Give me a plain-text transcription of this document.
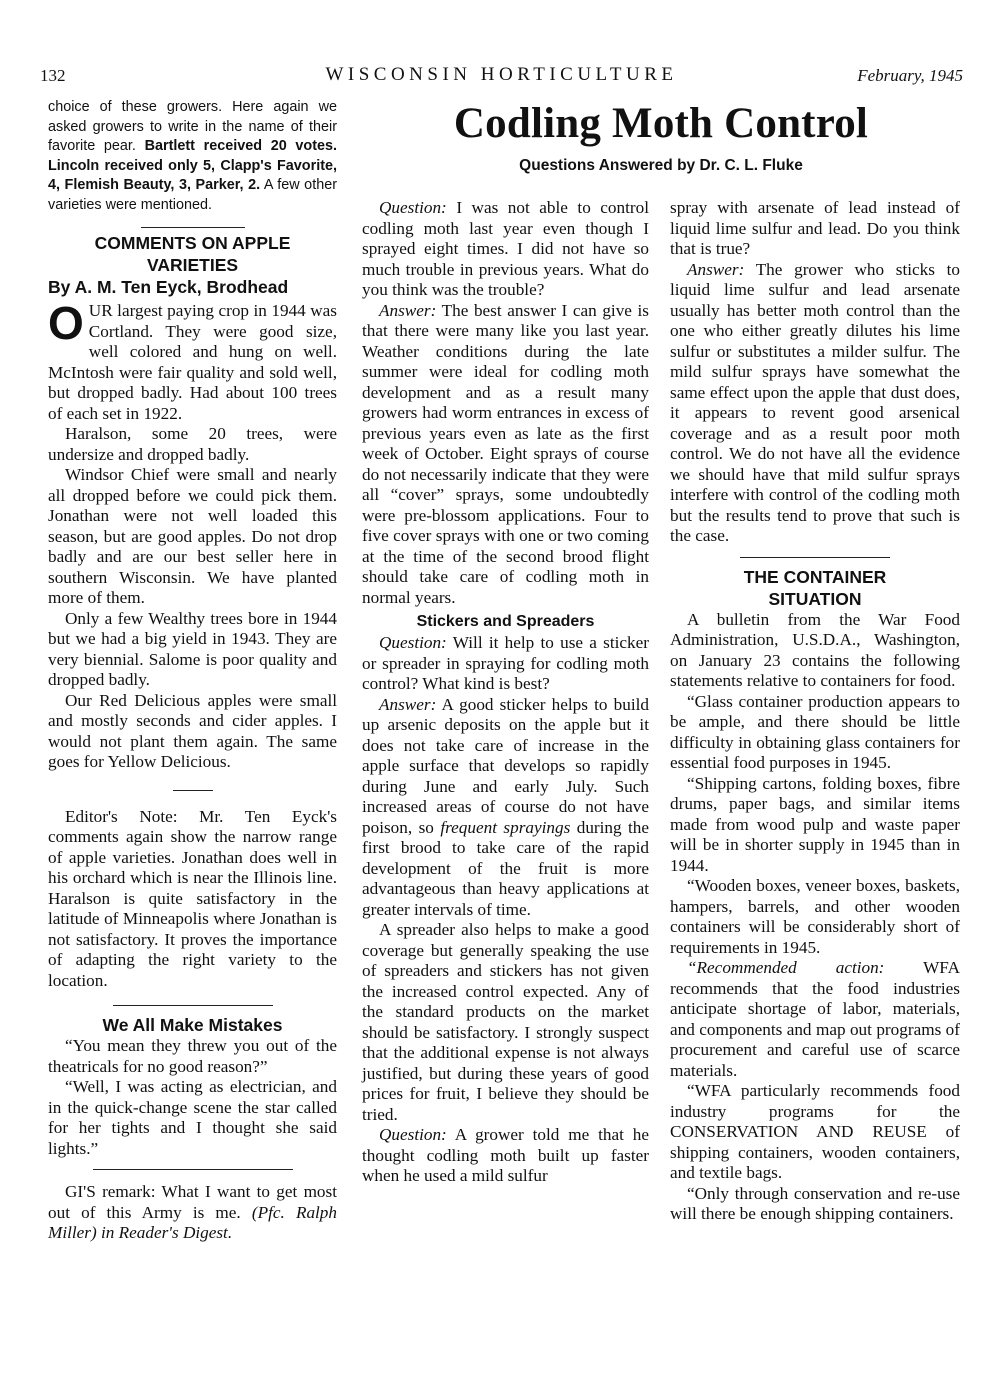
132	WISCONSIN HORTICULTURE	February, 1945

choice of these growers. Here again we asked growers to write in the name of their favorite pear. Bartlett received 20 votes. Lincoln received only 5, Clapp's Favorite, 4, Flemish Beauty, 3, Parker, 2. A few other varieties were mentioned.

COMMENTS ON APPLE VARIETIES
By A. M. Ten Eyck, Brodhead

OUR largest paying crop in 1944 was Cortland. They were good size, well colored and hung on well. McIntosh were fair quality and sold well, but dropped badly. Had about 100 trees of each set in 1922.

Haralson, some 20 trees, were undersize and dropped badly.

Windsor Chief were small and nearly all dropped before we could pick them. Jonathan were not well loaded this season, but are good apples. Do not drop badly and are our best seller here in southern Wisconsin. We have planted more of them.

Only a few Wealthy trees bore in 1944 but we had a big yield in 1943. They are very biennial. Salome is poor quality and dropped badly.

Our Red Delicious apples were small and mostly seconds and cider apples. I would not plant them again. The same goes for Yellow Delicious.

Editor's Note: Mr. Ten Eyck's comments again show the narrow range of apple varieties. Jonathan does well in his orchard which is near the Illinois line. Haralson is quite satisfactory in the latitude of Minneapolis where Jonathan is not satisfactory. It proves the importance of adapting the right variety to the location.

We All Make Mistakes

“You mean they threw you out of the theatricals for no good reason?”

“Well, I was acting as electrician, and in the quick-change scene the star called for her tights and I thought she said lights.”

GI'S remark: What I want to get most out of this Army is me. (Pfc. Ralph Miller) in Reader's Digest.

Codling Moth Control
Questions Answered by Dr. C. L. Fluke

Question: I was not able to control codling moth last year even though I sprayed eight times. I did not have so much trouble in previous years. What do you think was the trouble?

Answer: The best answer I can give is that there were many like you last year. Weather conditions during the late summer were ideal for codling moth development and as a result many growers had worm entrances in excess of previous years even as late as the first week of October. Eight sprays of course do not necessarily indicate that they were all “cover” sprays, some undoubtedly were pre-blossom applications. Four to five cover sprays with one or two coming at the time of the second brood flight should take care of codling moth in normal years.

Stickers and Spreaders

Question: Will it help to use a sticker or spreader in spraying for codling moth control? What kind is best?

Answer: A good sticker helps to build up arsenic deposits on the apple but it does not take care of increase in the apple surface that develops so rapidly during June and early July. Such increased areas of course do not have poison, so frequent sprayings during the first brood to take care of the rapid development of the fruit is more advantageous than heavy applications at greater intervals of time.

A spreader also helps to make a good coverage but generally speaking the use of spreaders and stickers has not given the increased control expected. Any of the standard products on the market should be satisfactory. I strongly suspect that the additional expense is not always justified, but during these years of good prices for fruit, I believe they should be tried.

Question: A grower told me that he thought codling moth built up faster when he used a mild sulfur

spray with arsenate of lead instead of liquid lime sulfur and lead. Do you think that is true?

Answer: The grower who sticks to liquid lime sulfur and lead arsenate usually has better moth control than the one who either greatly dilutes his lime sulfur or substitutes a milder sulfur. The mild sulfur sprays have somewhat the same effect upon the apple that dust does, it appears to revent good arsenical coverage and as a result poor moth control. We do not have all the evidence we should have that mild sulfur sprays interfere with control of the codling moth but the results tend to prove that such is the case.

THE CONTAINER
SITUATION

A bulletin from the War Food Administration, U.S.D.A., Washington, on January 23 contains the following statements relative to containers for food.

“Glass container production appears to be ample, and there should be little difficulty in obtaining glass containers for essential food purposes in 1945.

“Shipping cartons, folding boxes, fibre drums, paper bags, and similar items made from wood pulp and waste paper will be in shorter supply in 1945 than in 1944.

“Wooden boxes, veneer boxes, baskets, hampers, barrels, and other wooden containers will be considerably short of requirements in 1945.

“Recommended action: WFA recommends that the food industries anticipate shortage of labor, materials, and components and map out programs of procurement and careful use of scarce materials.

“WFA particularly recommends food industry programs for the CONSERVATION AND REUSE of shipping containers, wooden containers, and textile bags.

“Only through conservation and re-use will there be enough shipping containers.
